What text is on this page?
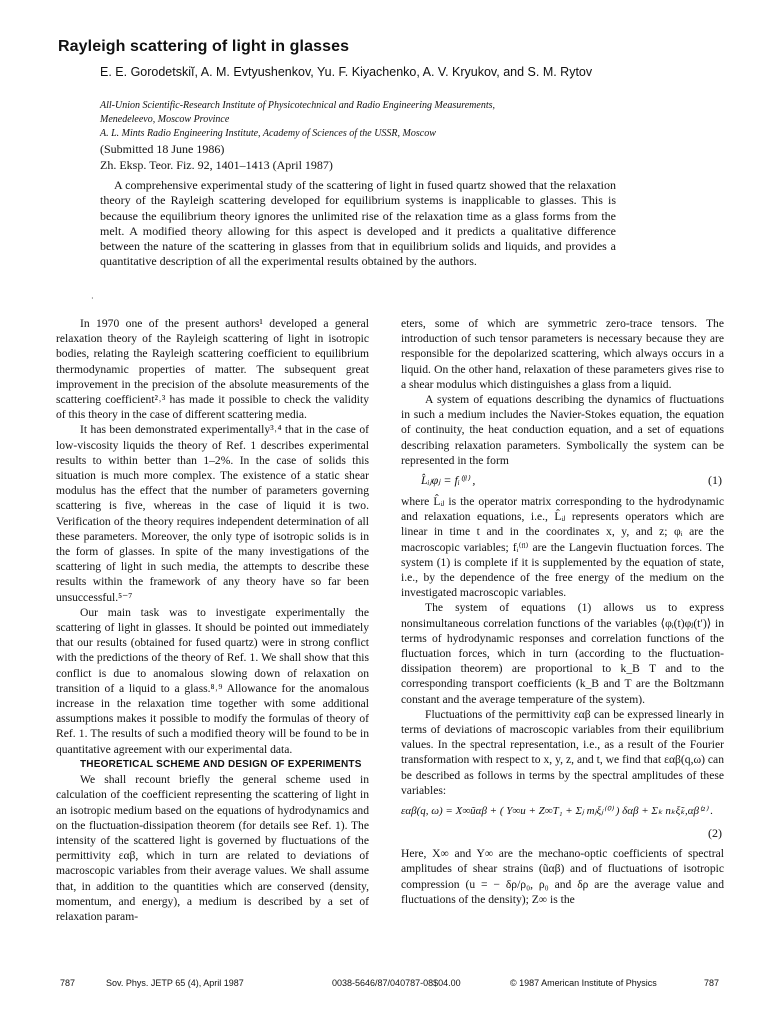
Rayleigh scattering of light in glasses
E. E. Gorodetskiĭ, A. M. Evtyushenkov, Yu. F. Kiyachenko, A. V. Kryukov, and S. M. Rytov
All-Union Scientific-Research Institute of Physicotechnical and Radio Engineering Measurements,
Menedeleevo, Moscow Province
A. L. Mints Radio Engineering Institute, Academy of Sciences of the USSR, Moscow
(Submitted 18 June 1986)
Zh. Eksp. Teor. Fiz. 92, 1401–1413 (April 1987)
A comprehensive experimental study of the scattering of light in fused quartz showed that the relaxation theory of the Rayleigh scattering developed for equilibrium systems is inapplicable to glasses. This is because the equilibrium theory ignores the unlimited rise of the relaxation time as a glass forms from the melt. A modified theory allowing for this aspect is developed and it predicts a qualitative difference between the nature of the scattering in glasses from that in equilibrium solids and liquids, and provides a quantitative description of all the experimental results obtained by the authors.
·

In 1970 one of the present authors¹ developed a general relaxation theory of the Rayleigh scattering of light in isotropic bodies, relating the Rayleigh scattering coefficient to equilibrium thermodynamic properties of matter. The subsequent great improvement in the precision of the absolute measurements of the scattering coefficient²˒³ has made it possible to check the validity of this theory in the case of different scattering media.

It has been demonstrated experimentally³˒⁴ that in the case of low-viscosity liquids the theory of Ref. 1 describes experimental results to within better than 1–2%. In the case of solids this situation is much more complex. The existence of a static shear modulus has the effect that the number of parameters governing scattering is five, whereas in the case of liquid it is two. Verification of the theory requires independent determination of all these parameters. Moreover, the only type of isotropic solids is in the form of glasses. In spite of the many investigations of the scattering of light in such media, the attempts to describe these results within the framework of any theory have so far been unsuccessful.⁵⁻⁷

Our main task was to investigate experimentally the scattering of light in glasses. It should be pointed out immediately that our results (obtained for fused quartz) were in strong conflict with the predictions of the theory of Ref. 1. We shall show that this conflict is due to anomalous slowing down of relaxation on transition of a liquid to a glass.⁸˒⁹ Allowance for the anomalous increase in the relaxation time together with some additional assumptions makes it possible to modify the formulas of theory of Ref. 1. The results of such a modified theory will be found to be in quantitative agreement with our experimental data.

THEORETICAL SCHEME AND DESIGN OF EXPERIMENTS

We shall recount briefly the general scheme used in calculation of the coefficient representing the scattering of light in an isotropic medium based on the equations of hydrodynamics and on the fluctuation-dissipation theorem (for details see Ref. 1). The intensity of the scattered light is governed by fluctuations of the permittivity εαβ, which in turn are related to deviations of macroscopic variables from their average values. We shall assume that, in addition to the quantities which are conserved (density, momentum, and energy), a medium is described by a set of relaxation param-

eters, some of which are symmetric zero-trace tensors. The introduction of such tensor parameters is necessary because they are responsible for the depolarized scattering, which always occurs in a liquid. On the other hand, relaxation of these parameters gives rise to a shear modulus which distinguishes a glass from a liquid.

A system of equations describing the dynamics of fluctuations in such a medium includes the Navier-Stokes equation, the equation of continuity, the heat conduction equation, and a set of equations describing relaxation parameters. Symbolically the system can be represented in the form

L̂ᵢⱼφⱼ = fᵢ⁽ᶠˡ⁾ ,	(1)

where L̂ᵢⱼ is the operator matrix corresponding to the hydrodynamic and relaxation equations, i.e., L̂ᵢⱼ represents operators which are linear in time t and in the coordinates x, y, and z; φᵢ are the macroscopic variables; fᵢ⁽ᶠˡ⁾ are the Langevin fluctuation forces. The system (1) is complete if it is supplemented by the equation of state, i.e., by the dependence of the free energy of the medium on the investigated macroscopic variables.

The system of equations (1) allows us to express nonsimultaneous correlation functions of the variables ⟨φᵢ(t)φⱼ(t′)⟩ in terms of hydrodynamic responses and correlation functions of the fluctuation forces, which in turn (according to the fluctuation-dissipation theorem) are proportional to k_B T and to the corresponding transport coefficients (k_B and T are the Boltzmann constant and the average temperature of the system).

Fluctuations of the permittivity εαβ can be expressed linearly in terms of deviations of macroscopic variables from their equilibrium values. In the spectral representation, i.e., as a result of the Fourier transformation with respect to x, y, z, and t, we find that εαβ(q,ω) can be described as follows in terms by the spectral amplitudes of these variables:

εαβ(q, ω) = X∞ũαβ + ( Y∞u + Z∞T₁ + Σⱼ mⱼξⱼ⁽⁰⁾ ) δαβ + Σₖ nₖξ̃ₖ,αβ⁽²⁾ .
(2)

Here, X∞ and Y∞ are the mechano-optic coefficients of spectral amplitudes of shear strains (ũαβ) and of fluctuations of isotropic compression (u = − δρ/ρ₀, ρ₀ and δρ are the average value and fluctuations of the density); Z∞ is the

787	Sov. Phys. JETP 65 (4), April 1987	0038-5646/87/040787-08$04.00	© 1987 American Institute of Physics	787
